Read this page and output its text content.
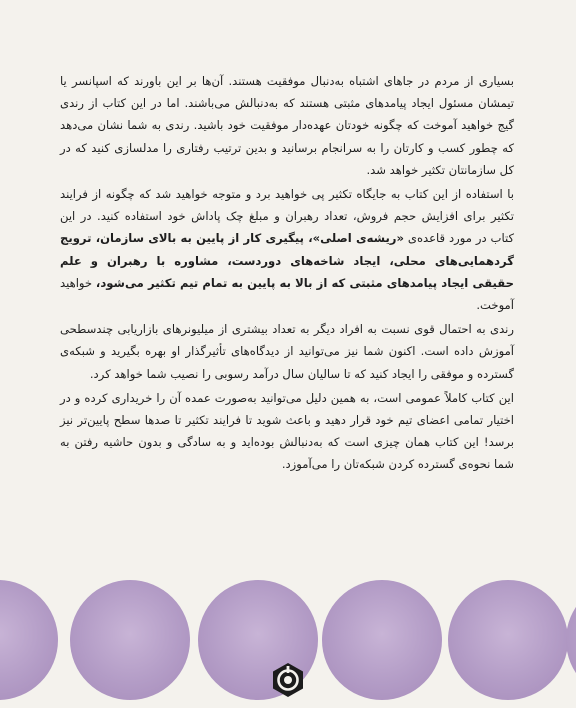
بسیاری از مردم در جاهای اشتباه به‌دنبال موفقیت هستند. آن‌ها بر این باورند که اسپانسر یا تیمشان مسئول ایجاد پیامدهای مثبتی هستند که به‌دنبالش می‌باشند. اما در این کتاب از رندی گیج خواهید آموخت که چگونه خودتان عهده‌دار موفقیت خود باشید. رندی به شما نشان می‌دهد که چطور کسب و کارتان را به سرانجام برسانید و بدین ترتیب رفتاری را مدلسازی کنید که در کل سازمانتان تکثیر خواهد شد.

با استفاده از این کتاب به جایگاه تکثیر پی خواهید برد و متوجه خواهید شد که چگونه از فرایند تکثیر برای افزایش حجم فروش، تعداد رهبران و مبلغ چک پاداش خود استفاده کنید. در این کتاب در مورد قاعده‌ی «ریشه‌ی اصلی»، پیگیری کار از پایین به بالای سازمان، ترویج گردهمایی‌های محلی، ایجاد شاخه‌های دوردست، مشاوره با رهبران و علم حقیقی ایجاد پیامدهای مثبتی که از بالا به پایین به تمام تیم تکثیر می‌شود، خواهید آموخت.

رندی به احتمال قوی نسبت به افراد دیگر به تعداد بیشتری از میلیونرهای بازاریابی چندسطحی آموزش داده است. اکنون شما نیز می‌توانید از دیدگاه‌های تأثیرگذار او بهره بگیرید و شبکه‌ی گسترده و موفقی را ایجاد کنید که تا سالیان سال درآمد رسوبی را نصیب شما خواهد کرد.

این کتاب کاملاً عمومی است، به همین دلیل می‌توانید به‌صورت عمده آن را خریداری کرده و در اختیار تمامی اعضای تیم خود قرار دهید و باعث شوید تا فرایند تکثیر تا صدها سطح پایین‌تر نیز برسد! این کتاب همان چیزی است که به‌دنبالش بوده‌اید و به سادگی و بدون حاشیه رفتن به شما نحوه‌ی گسترده کردن شبکه‌تان را می‌آموزد.
